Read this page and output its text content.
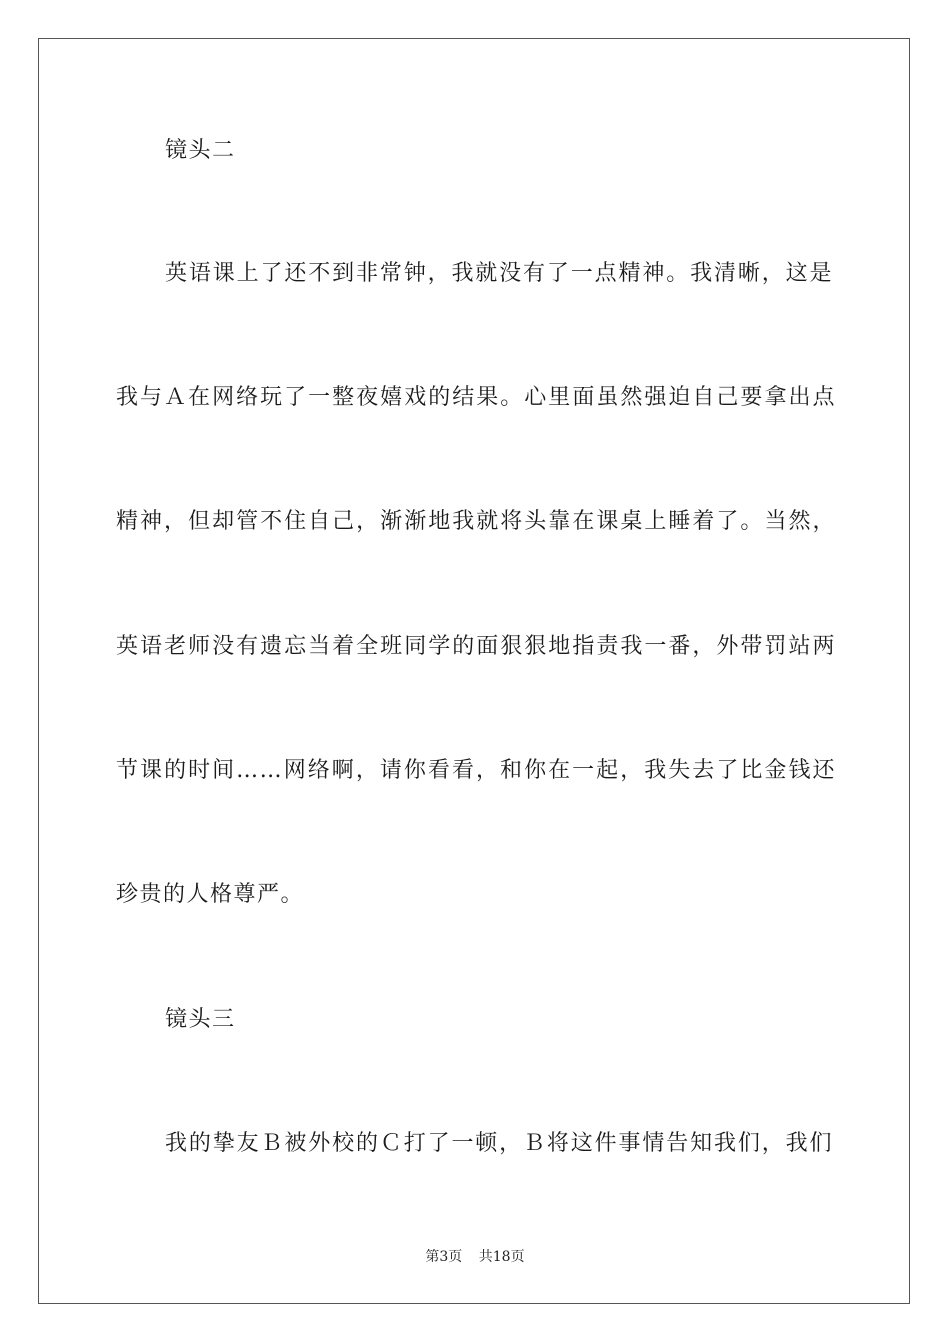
镜头二
英语课上了还不到非常钟，我就没有了一点精神。我清晰，这是
我与Ａ在网络玩了一整夜嬉戏的结果。心里面虽然强迫自己要拿出点
精神，但却管不住自己，渐渐地我就将头靠在课桌上睡着了。当然，
英语老师没有遗忘当着全班同学的面狠狠地指责我一番，外带罚站两
节课的时间……网络啊，请你看看，和你在一起，我失去了比金钱还
珍贵的人格尊严。
镜头三
我的挚友Ｂ被外校的Ｃ打了一顿，Ｂ将这件事情告知我们，我们
第3页 共18页
